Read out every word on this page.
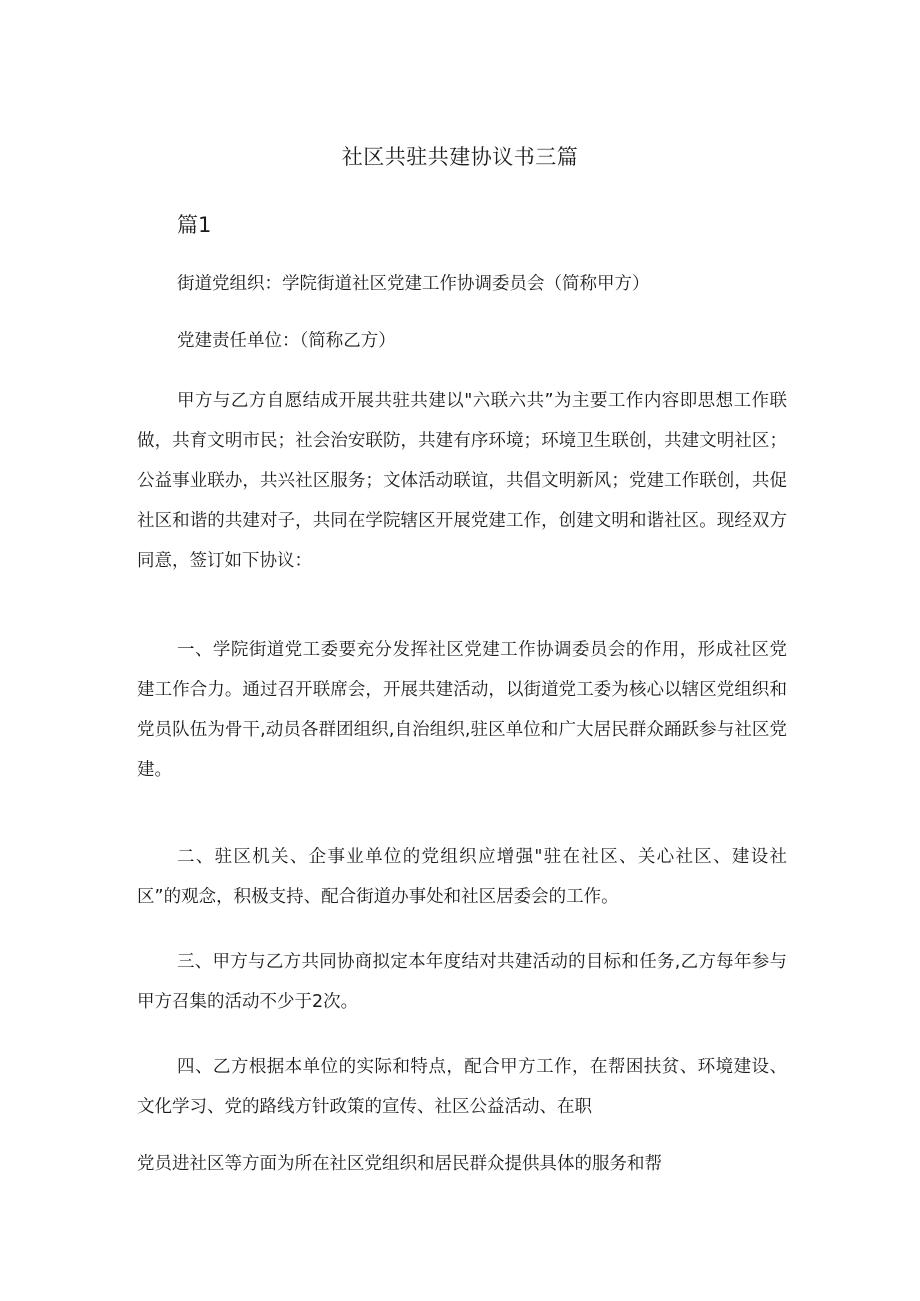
社区共驻共建协议书三篇
篇1

街道党组织：学院街道社区党建工作协调委员会（简称甲方）

党建责任单位：（简称乙方）

甲方与乙方自愿结成开展共驻共建以"六联六共”为主要工作内容即思想工作联做，共育文明市民；社会治安联防，共建有序环境；环境卫生联创，共建文明社区；公益事业联办，共兴社区服务；文体活动联谊，共倡文明新风；党建工作联创，共促社区和谐的共建对子，共同在学院辖区开展党建工作，创建文明和谐社区。现经双方同意，签订如下协议：

一、学院街道党工委要充分发挥社区党建工作协调委员会的作用，形成社区党建工作合力。通过召开联席会，开展共建活动，以街道党工委为核心以辖区党组织和党员队伍为骨干,动员各群团组织,自治组织,驻区单位和广大居民群众踊跃参与社区党建。

二、驻区机关、企事业单位的党组织应增强"驻在社区、关心社区、建设社区”的观念，积极支持、配合街道办事处和社区居委会的工作。

三、甲方与乙方共同协商拟定本年度结对共建活动的目标和任务,乙方每年参与甲方召集的活动不少于2次。

四、乙方根据本单位的实际和特点，配合甲方工作，在帮困扶贫、环境建设、文化学习、党的路线方针政策的宣传、社区公益活动、在职

党员进社区等方面为所在社区党组织和居民群众提供具体的服务和帮
